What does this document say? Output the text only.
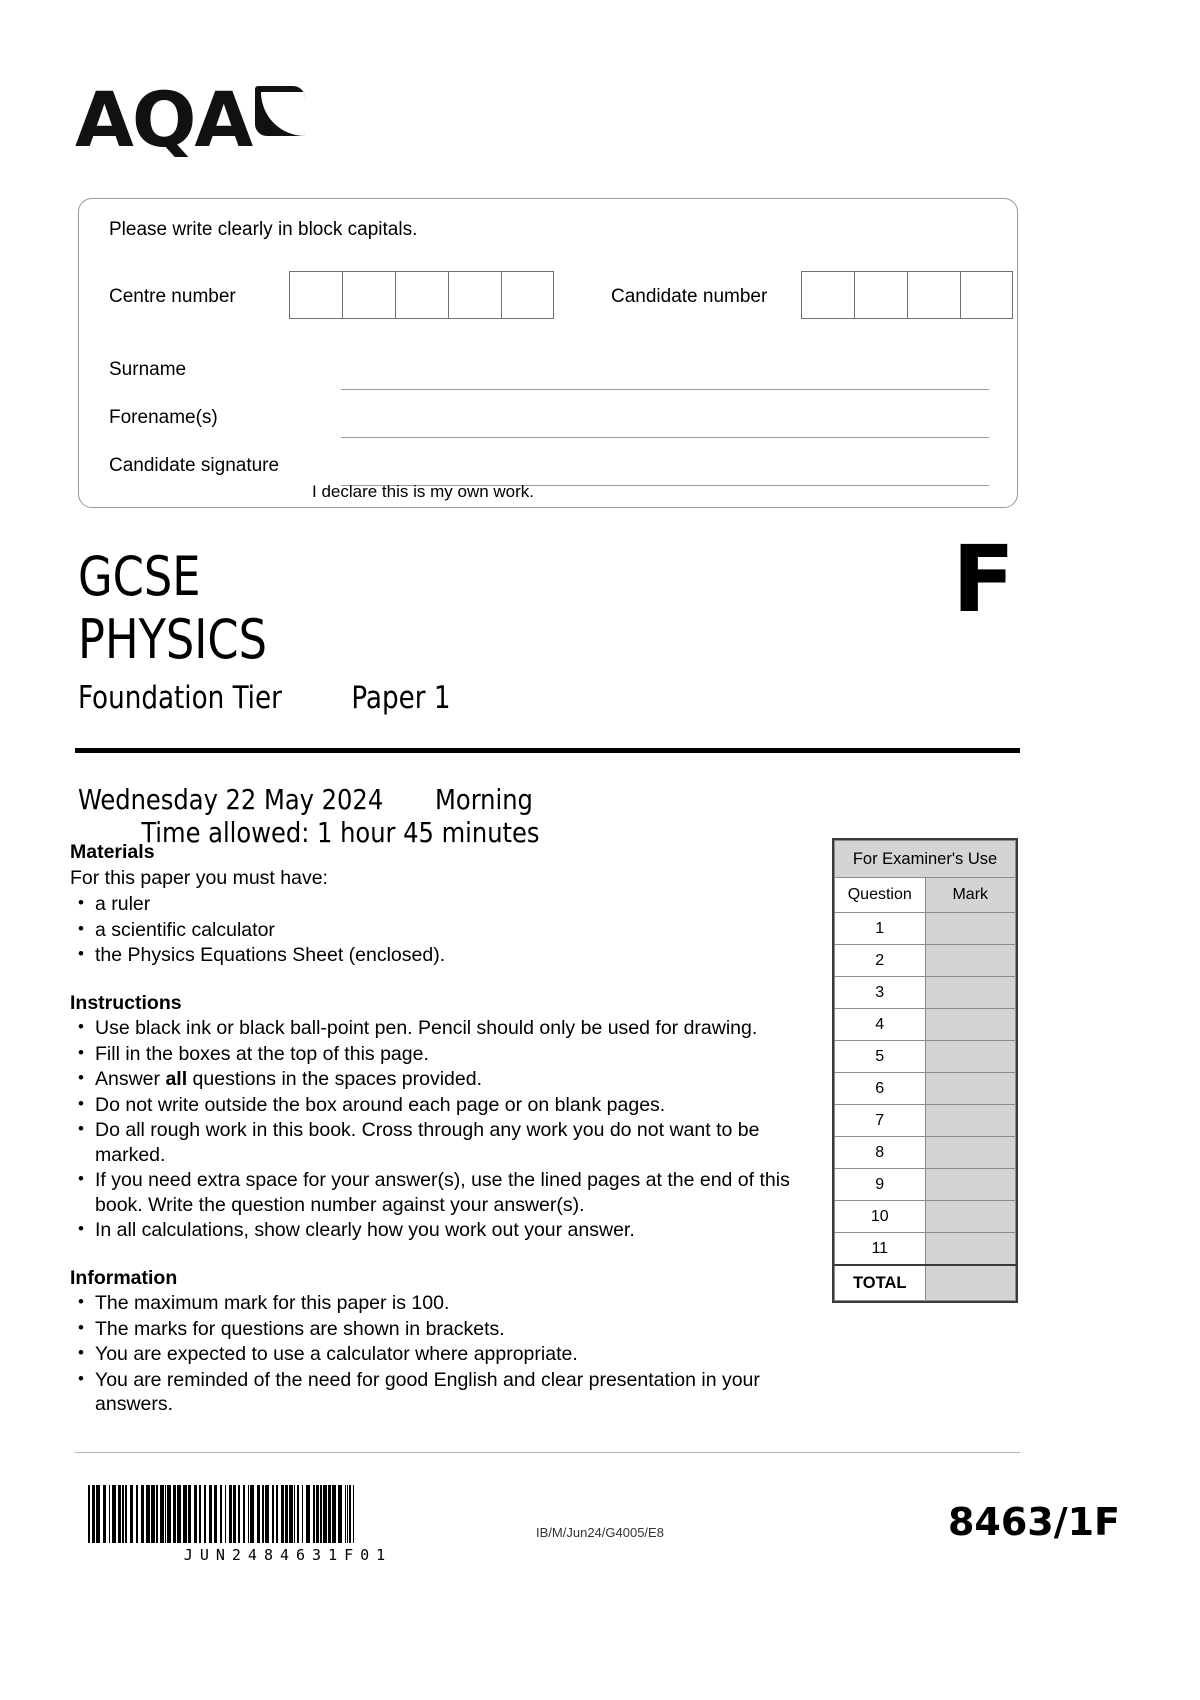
AQA
Please write clearly in block capitals.
Centre number	Candidate number
Surname
Forename(s)
Candidate signature
I declare this is my own work.
GCSE
PHYSICS
Foundation Tier Paper 1
F
Wednesday 22 May 2024 MorningTime allowed: 1 hour 45 minutes
Materials
For this paper you must have:
• a ruler
• a scientific calculator
• the Physics Equations Sheet (enclosed).
Instructions
• Use black ink or black ball-point pen. Pencil should only be used for drawing.
• Fill in the boxes at the top of this page.
• Answer all questions in the spaces provided.
• Do not write outside the box around each page or on blank pages.
• Do all rough work in this book. Cross through any work you do not want to be marked.
• If you need extra space for your answer(s), use the lined pages at the end of this book. Write the question number against your answer(s).
• In all calculations, show clearly how you work out your answer.
Information
• The maximum mark for this paper is 100.
• The marks for questions are shown in brackets.
• You are expected to use a calculator where appropriate.
• You are reminded of the need for good English and clear presentation in your answers.
For Examiner's Use	
Question	Mark
1	
2	
3	
4	
5	
6	
7	
8	
9	
10	
11	
TOTAL	
JUN2484631F01
IB/M/Jun24/G4005/E8	8463/1F
